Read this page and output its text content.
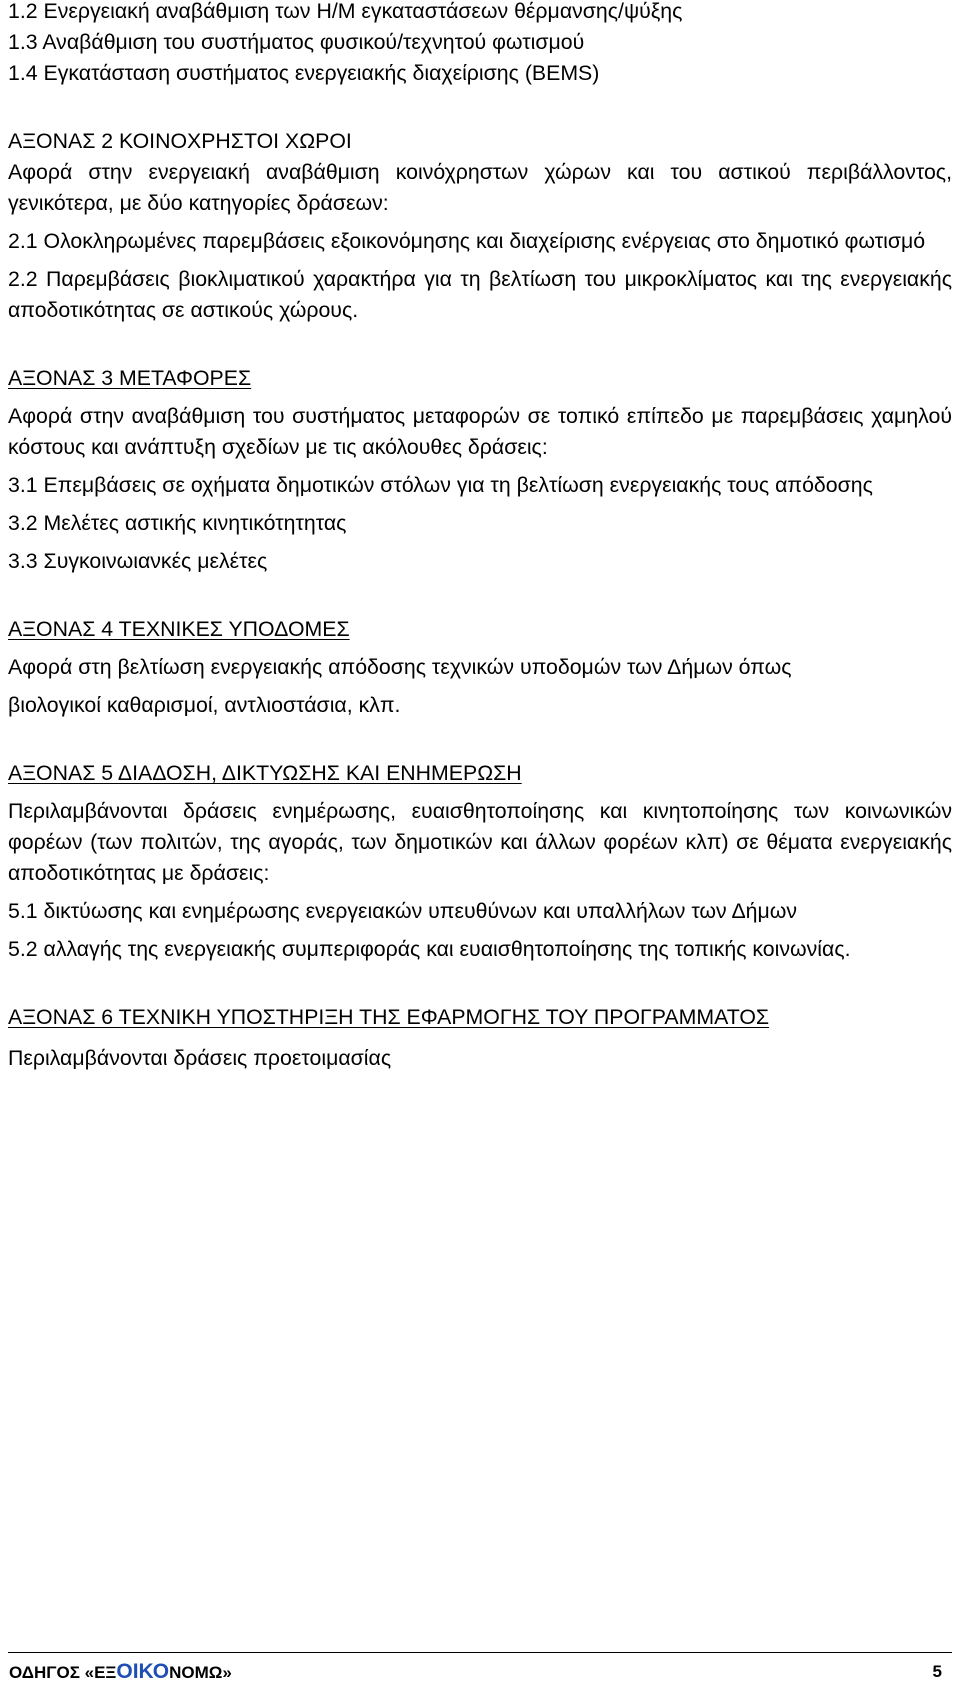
1.2 Ενεργειακή αναβάθμιση των Η/Μ εγκαταστάσεων θέρμανσης/ψύξης

1.3 Αναβάθμιση του συστήματος φυσικού/τεχνητού φωτισμού

1.4 Εγκατάσταση συστήματος ενεργειακής διαχείρισης (BEMS)

ΑΞΟΝΑΣ 2 ΚΟΙΝΟΧΡΗΣΤΟΙ ΧΩΡΟΙ

Αφορά στην ενεργειακή αναβάθμιση κοινόχρηστων χώρων και του αστικού περιβάλλοντος, γενικότερα, με δύο κατηγορίες δράσεων:

2.1 Ολοκληρωμένες παρεμβάσεις εξοικονόμησης και διαχείρισης ενέργειας στο δημοτικό φωτισμό

2.2 Παρεμβάσεις βιοκλιματικού χαρακτήρα για τη βελτίωση του μικροκλίματος και της ενεργειακής αποδοτικότητας σε αστικούς χώρους.

ΑΞΟΝΑΣ 3 ΜΕΤΑΦΟΡΕΣ

Αφορά στην αναβάθμιση του συστήματος μεταφορών σε τοπικό επίπεδο με παρεμβάσεις χαμηλού κόστους και ανάπτυξη σχεδίων με τις ακόλουθες δράσεις:

3.1 Επεμβάσεις σε οχήματα δημοτικών στόλων για τη βελτίωση ενεργειακής τους απόδοσης

3.2 Μελέτες αστικής κινητικότητητας

3.3 Συγκοινωιανκές μελέτες

ΑΞΟΝΑΣ 4 ΤΕΧΝΙΚΕΣ ΥΠΟΔΟΜΕΣ

Αφορά στη βελτίωση ενεργειακής απόδοσης τεχνικών υποδομών των Δήμων όπως

βιολογικοί καθαρισμοί, αντλιοστάσια, κλπ.

ΑΞΟΝΑΣ 5 ΔΙΑΔΟΣΗ, ΔΙΚΤΥΩΣΗΣ ΚΑΙ ΕΝΗΜΕΡΩΣΗ

Περιλαμβάνονται δράσεις ενημέρωσης, ευαισθητοποίησης και κινητοποίησης των κοινωνικών φορέων (των πολιτών, της αγοράς, των δημοτικών και άλλων φορέων κλπ) σε θέματα ενεργειακής αποδοτικότητας με δράσεις:

5.1 δικτύωσης και ενημέρωσης ενεργειακών υπευθύνων και υπαλλήλων των Δήμων

5.2 αλλαγής της ενεργειακής συμπεριφοράς και ευαισθητοποίησης της τοπικής κοινωνίας.

ΑΞΟΝΑΣ 6 ΤΕΧΝΙΚΗ ΥΠΟΣΤΗΡΙΞΗ ΤΗΣ ΕΦΑΡΜΟΓΗΣ ΤΟΥ ΠΡΟΓΡΑΜΜΑΤΟΣ

Περιλαμβάνονται δράσεις προετοιμασίας

ΟΔΗΓΟΣ «ΕΞΟΙΚΟΝΟΜΩ»	5
